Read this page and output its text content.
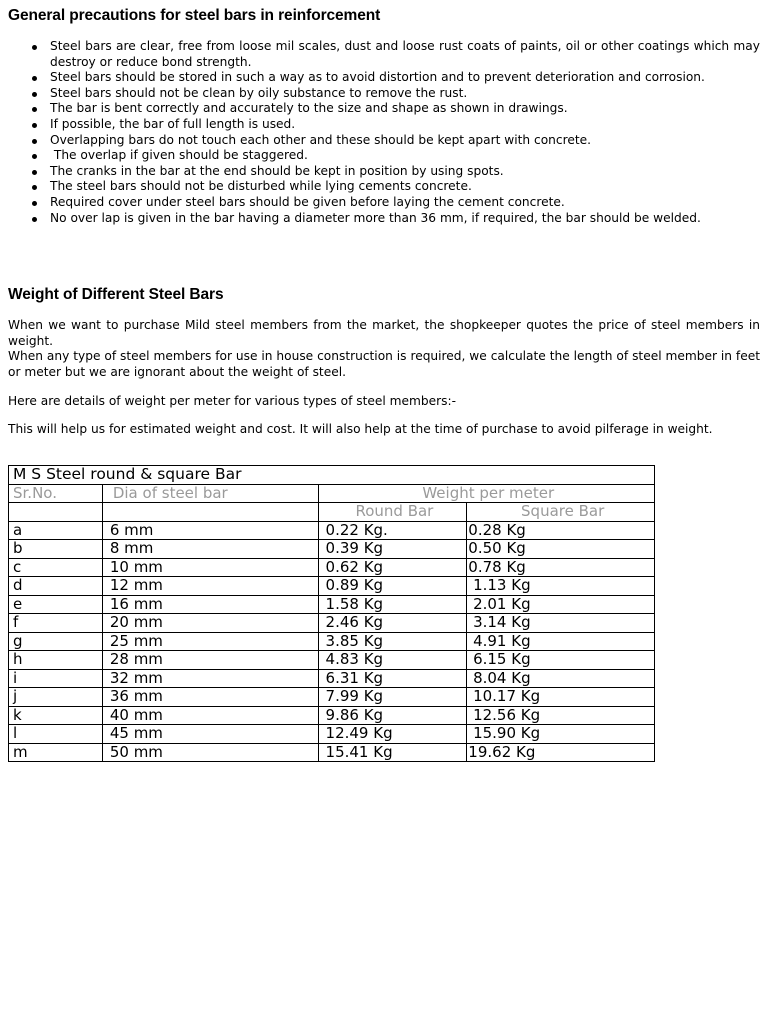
General precautions for steel bars in reinforcement
Steel bars are clear, free from loose mil scales, dust and loose rust coats of paints, oil or other coatings which may destroy or reduce bond strength.
Steel bars should be stored in such a way as to avoid distortion and to prevent deterioration and corrosion.
Steel bars should not be clean by oily substance to remove the rust.
The bar is bent correctly and accurately to the size and shape as shown in drawings.
If possible, the bar of full length is used.
Overlapping bars do not touch each other and these should be kept apart with concrete.
The overlap if given should be staggered.
The cranks in the bar at the end should be kept in position by using spots.
The steel bars should not be disturbed while lying cements concrete.
Required cover under steel bars should be given before laying the cement concrete.
No over lap is given in the bar having a diameter more than 36 mm, if required, the bar should be welded.
Weight of Different Steel Bars

When we want to purchase Mild steel members from the market, the shopkeeper quotes the price of steel members in weight.

When any type of steel members for use in house construction is required, we calculate the length of steel member in feet or meter but we are ignorant about the weight of steel.

Here are details of weight per meter for various types of steel members:-

This will help us for estimated weight and cost. It will also help at the time of purchase to avoid pilferage in weight.

M S Steel round & square Bar			
Sr.No.	Dia of steel bar	Weight per meter	
		Round Bar	Square Bar
a	6 mm	0.22 Kg.	0.28 Kg
b	8 mm	0.39 Kg	0.50 Kg
c	10 mm	0.62 Kg	0.78 Kg
d	12 mm	0.89 Kg	1.13 Kg
e	16 mm	1.58 Kg	2.01 Kg
f	20 mm	2.46 Kg	3.14 Kg
g	25 mm	3.85 Kg	4.91 Kg
h	28 mm	4.83 Kg	6.15 Kg
i	32 mm	6.31 Kg	8.04 Kg
j	36 mm	7.99 Kg	10.17 Kg
k	40 mm	9.86 Kg	12.56 Kg
l	45 mm	12.49 Kg	15.90 Kg
m	50 mm	15.41 Kg	19.62 Kg
